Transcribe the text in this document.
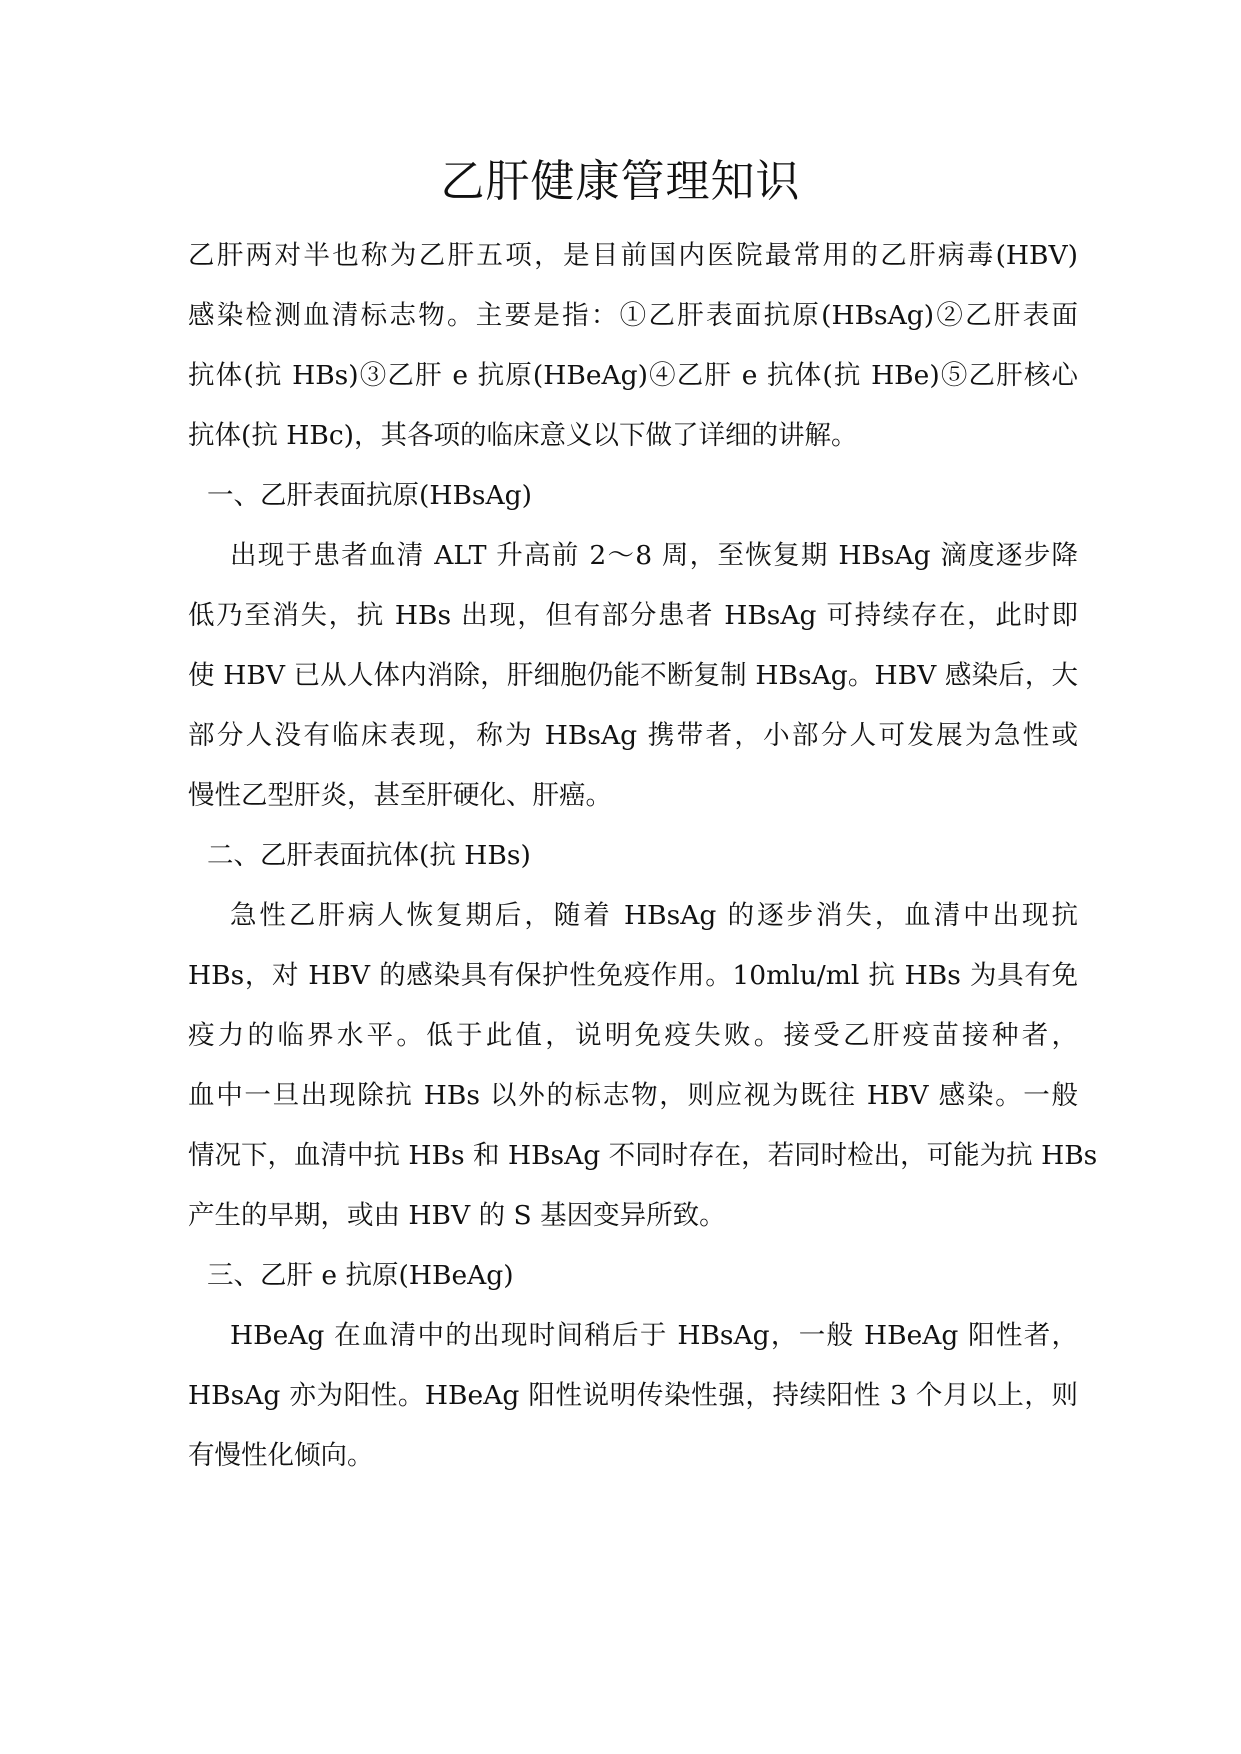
乙肝健康管理知识
乙肝两对半也称为乙肝五项，是目前国内医院最常用的乙肝病毒(HBV)
感染检测血清标志物。主要是指：①乙肝表面抗原(HBsAg)②乙肝表面
抗体(抗 HBs)③乙肝 e 抗原(HBeAg)④乙肝 e 抗体(抗 HBe)⑤乙肝核心
抗体(抗 HBc)，其各项的临床意义以下做了详细的讲解。
一、乙肝表面抗原(HBsAg)
出现于患者血清 ALT 升高前 2～8 周，至恢复期 HBsAg 滴度逐步降
低乃至消失，抗 HBs 出现，但有部分患者 HBsAg 可持续存在，此时即
使 HBV 已从人体内消除，肝细胞仍能不断复制 HBsAg。HBV 感染后，大
部分人没有临床表现，称为 HBsAg 携带者，小部分人可发展为急性或
慢性乙型肝炎，甚至肝硬化、肝癌。
二、乙肝表面抗体(抗 HBs)
急性乙肝病人恢复期后，随着 HBsAg 的逐步消失，血清中出现抗
HBs，对 HBV 的感染具有保护性免疫作用。10mlu/ml 抗 HBs 为具有免
疫力的临界水平。低于此值，说明免疫失败。接受乙肝疫苗接种者，
血中一旦出现除抗 HBs 以外的标志物，则应视为既往 HBV 感染。一般
情况下，血清中抗 HBs 和 HBsAg 不同时存在，若同时检出，可能为抗 HBs
产生的早期，或由 HBV 的 S 基因变异所致。
三、乙肝 e 抗原(HBeAg)
HBeAg 在血清中的出现时间稍后于 HBsAg，一般 HBeAg 阳性者，
HBsAg 亦为阳性。HBeAg 阳性说明传染性强，持续阳性 3 个月以上，则
有慢性化倾向。
